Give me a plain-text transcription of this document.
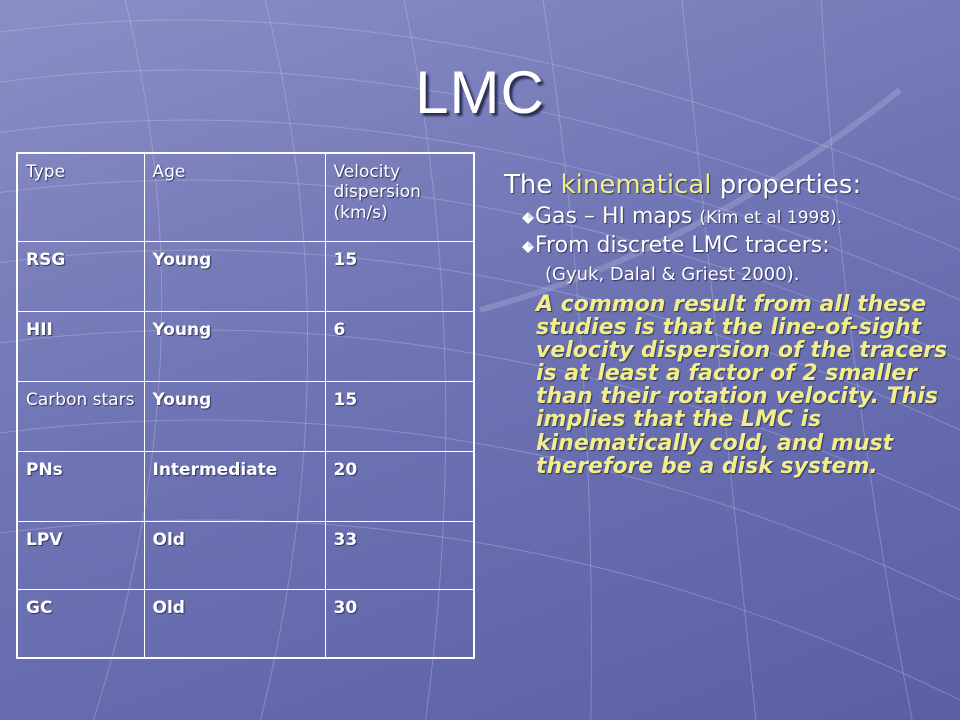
LMC
Type	Age	Velocity dispersion (km/s)
RSG	Young	15
HII	Young	6
Carbon stars	Young	15
PNs	Intermediate	20
LPV	Old	33
GC	Old	30
The kinematical properties:
Gas – HI maps (Kim et al 1998).
From discrete LMC tracers:
(Gyuk, Dalal & Griest 2000).
A common result from all these studies is that the line-of-sight velocity dispersion of the tracers is at least a factor of 2 smaller than their rotation velocity. This implies that the LMC is kinematically cold, and must therefore be a disk system.
